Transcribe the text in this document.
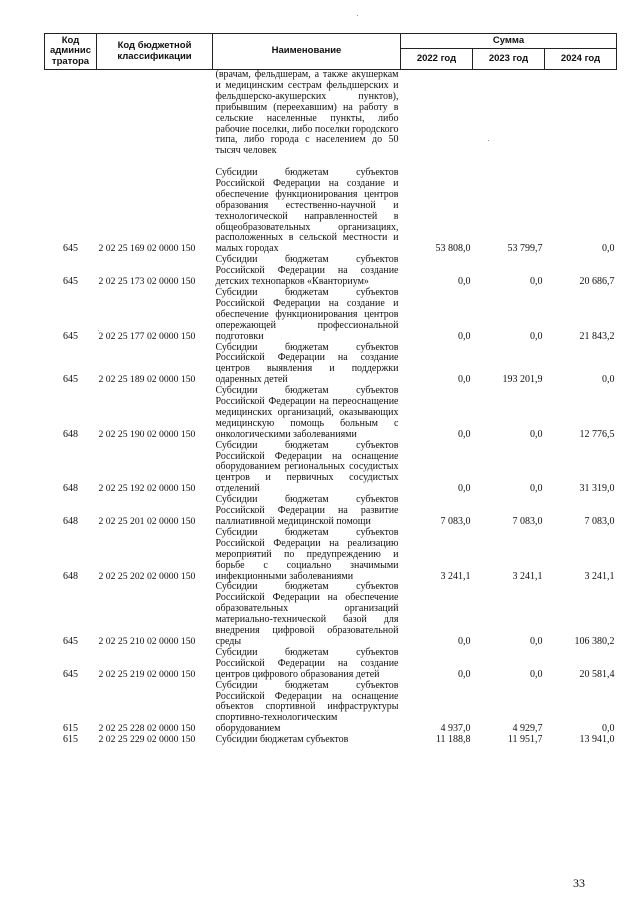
Код админис тратора	Код бюджетной классификации	Наименование	Сумма		
			2022 год	2023 год	2024 год
		(врачам, фельдшерам, а также акушеркам и медицинским сестрам фельдшерских и фельдшерско-акушерских пунктов), прибывшим (переехавшим) на работу в сельские населенные пункты, либо рабочие поселки, либо поселки городского типа, либо города с населением до 50 тысяч человек			
645	2 02 25 169 02 0000 150	Субсидии бюджетам субъектов Российской Федерации на создание и обеспечение функционирования центров образования естественно-научной и технологической направленностей в общеобразовательных организациях, расположенных в сельской местности и малых городах	53 808,0	53 799,7	0,0
645	2 02 25 173 02 0000 150	Субсидии бюджетам субъектов Российской Федерации на создание детских технопарков «Кванториум»	0,0	0,0	20 686,7
645	2 02 25 177 02 0000 150	Субсидии бюджетам субъектов Российской Федерации на создание и обеспечение функционирования центров опережающей профессиональной подготовки	0,0	0,0	21 843,2
645	2 02 25 189 02 0000 150	Субсидии бюджетам субъектов Российской Федерации на создание центров выявления и поддержки одаренных детей	0,0	193 201,9	0,0
648	2 02 25 190 02 0000 150	Субсидии бюджетам субъектов Российской Федерации на переоснащение медицинских организаций, оказывающих медицинскую помощь больным с онкологическими заболеваниями	0,0	0,0	12 776,5
648	2 02 25 192 02 0000 150	Субсидии бюджетам субъектов Российской Федерации на оснащение оборудованием региональных сосудистых центров и первичных сосудистых отделений	0,0	0,0	31 319,0
648	2 02 25 201 02 0000 150	Субсидии бюджетам субъектов Российской Федерации на развитие паллиативной медицинской помощи	7 083,0	7 083,0	7 083,0
648	2 02 25 202 02 0000 150	Субсидии бюджетам субъектов Российской Федерации на реализацию мероприятий по предупреждению и борьбе с социально значимыми инфекционными заболеваниями	3 241,1	3 241,1	3 241,1
645	2 02 25 210 02 0000 150	Субсидии бюджетам субъектов Российской Федерации на обеспечение образовательных организаций материально-технической базой для внедрения цифровой образовательной среды	0,0	0,0	106 380,2
645	2 02 25 219 02 0000 150	Субсидии бюджетам субъектов Российской Федерации на создание центров цифрового образования детей	0,0	0,0	20 581,4
615	2 02 25 228 02 0000 150	Субсидии бюджетам субъектов Российской Федерации на оснащение объектов спортивной инфраструктуры спортивно-технологическим оборудованием	4 937,0	4 929,7	0,0
615	2 02 25 229 02 0000 150	Субсидии бюджетам субъектов	11 188,8	11 951,7	13 941,0
33
